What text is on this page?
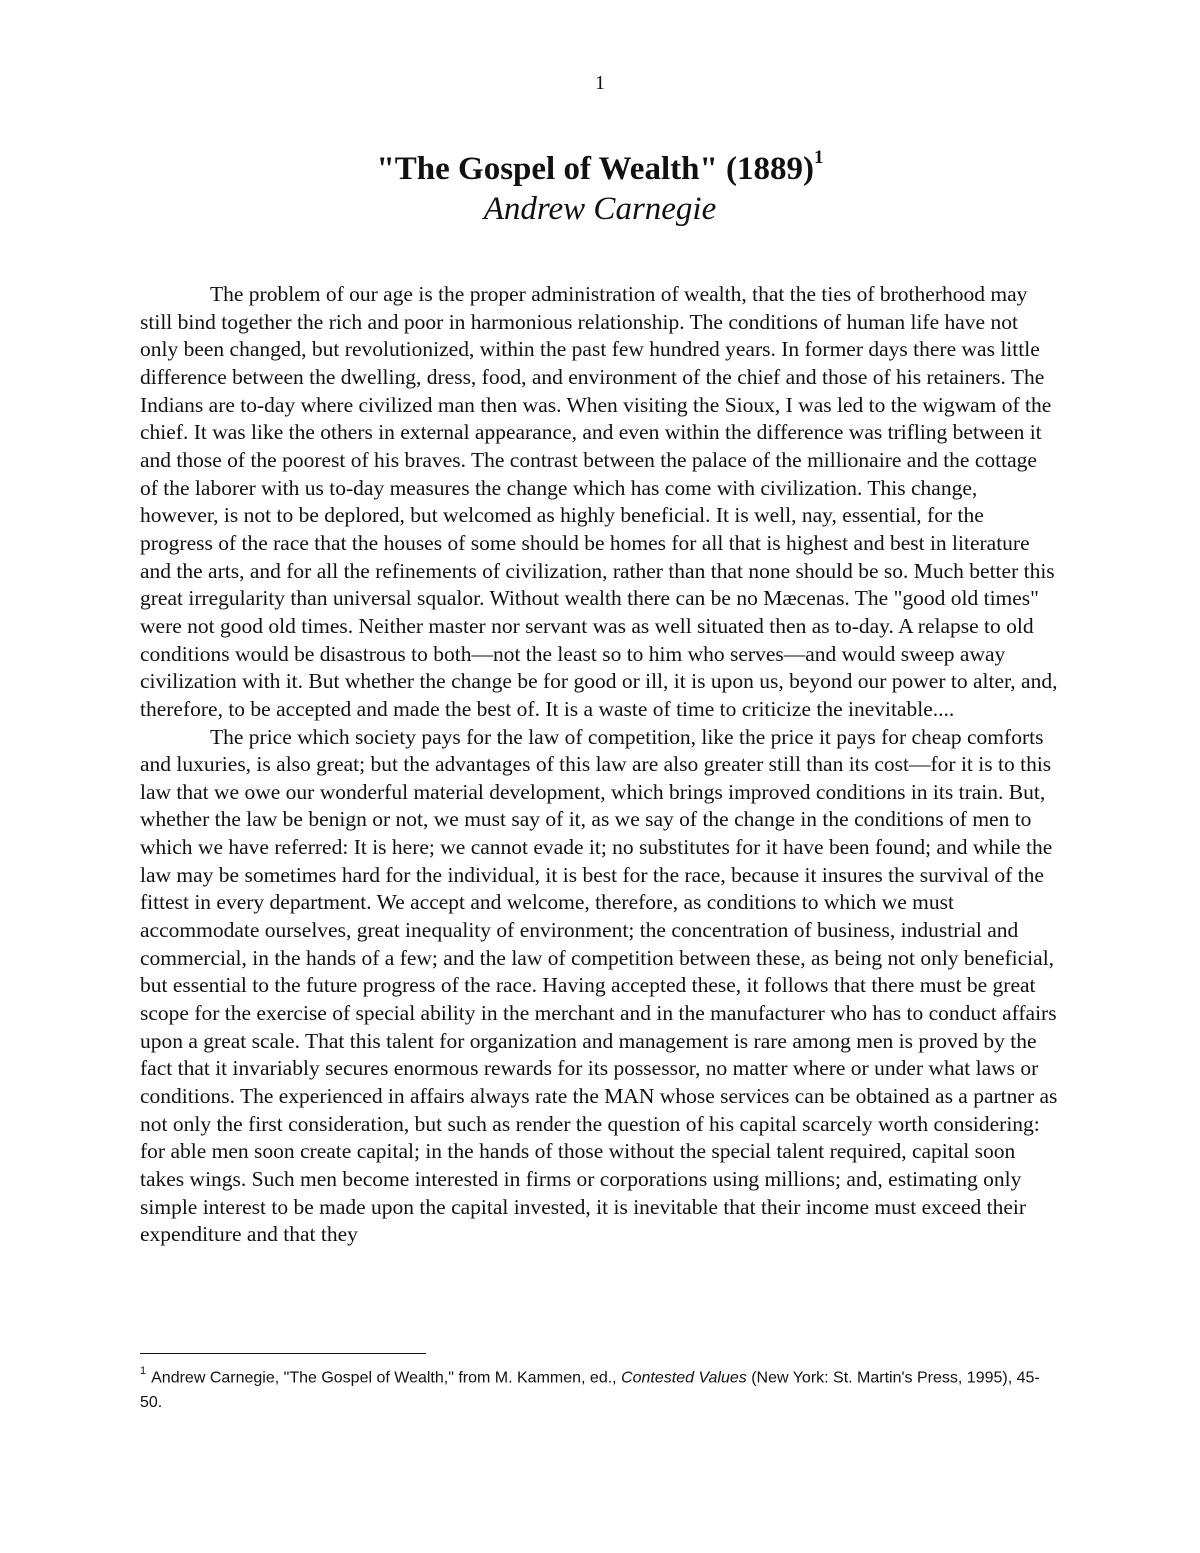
1
"The Gospel of Wealth" $(1889)^1$
Andrew Carnegie

The problem of our age is the proper administration of wealth, that the ties of brotherhood may still bind together the rich and poor in harmonious relationship. The conditions of human life have not only been changed, but revolutionized, within the past few hundred years. In former days there was little difference between the dwelling, dress, food, and environment of the chief and those of his retainers. The Indians are to-day where civilized man then was. When visiting the Sioux, I was led to the wigwam of the chief. It was like the others in external appearance, and even within the difference was trifling between it and those of the poorest of his braves. The contrast between the palace of the millionaire and the cottage of the laborer with us to-day measures the change which has come with civilization. This change, however, is not to be deplored, but welcomed as highly beneficial. It is well, nay, essential, for the progress of the race that the houses of some should be homes for all that is highest and best in literature and the arts, and for all the refinements of civilization, rather than that none should be so. Much better this great irregularity than universal squalor. Without wealth there can be no Mæcenas. The "good old times" were not good old times. Neither master nor servant was as well situated then as to-day. A relapse to old conditions would be disastrous to both—not the least so to him who serves—and would sweep away civilization with it. But whether the change be for good or ill, it is upon us, beyond our power to alter, and, therefore, to be accepted and made the best of. It is a waste of time to criticize the inevitable....

The price which society pays for the law of competition, like the price it pays for cheap comforts and luxuries, is also great; but the advantages of this law are also greater still than its cost—for it is to this law that we owe our wonderful material development, which brings improved conditions in its train. But, whether the law be benign or not, we must say of it, as we say of the change in the conditions of men to which we have referred: It is here; we cannot evade it; no substitutes for it have been found; and while the law may be sometimes hard for the individual, it is best for the race, because it insures the survival of the fittest in every department. We accept and welcome, therefore, as conditions to which we must accommodate ourselves, great inequality of environment; the concentration of business, industrial and commercial, in the hands of a few; and the law of competition between these, as being not only beneficial, but essential to the future progress of the race. Having accepted these, it follows that there must be great scope for the exercise of special ability in the merchant and in the manufacturer who has to conduct affairs upon a great scale. That this talent for organization and management is rare among men is proved by the fact that it invariably secures enormous rewards for its possessor, no matter where or under what laws or conditions. The experienced in affairs always rate the MAN whose services can be obtained as a partner as not only the first consideration, but such as render the question of his capital scarcely worth considering: for able men soon create capital; in the hands of those without the special talent required, capital soon takes wings. Such men become interested in firms or corporations using millions; and, estimating only simple interest to be made upon the capital invested, it is inevitable that their income must exceed their expenditure and that they

$^1$ Andrew Carnegie, "The Gospel of Wealth," from M. Kammen, ed., Contested Values (New York: St. Martin's Press, 1995), 45-50.
